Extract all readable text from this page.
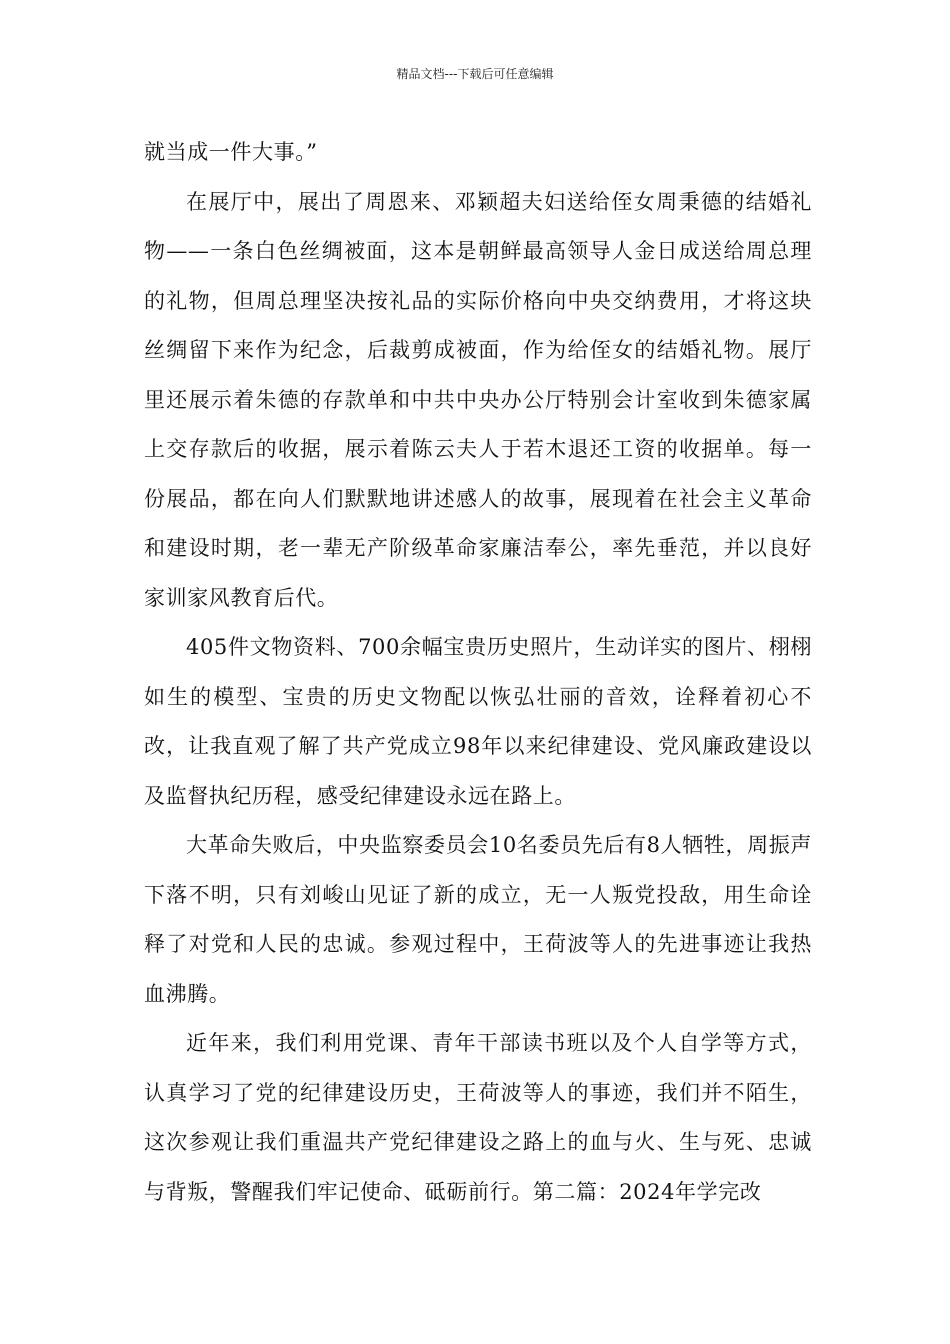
精品文档---下载后可任意编辑

就当成一件大事。”

在展厅中，展出了周恩来、邓颖超夫妇送给侄女周秉德的结婚礼物——一条白色丝绸被面，这本是朝鲜最高领导人金日成送给周总理的礼物，但周总理坚决按礼品的实际价格向中央交纳费用，才将这块丝绸留下来作为纪念，后裁剪成被面，作为给侄女的结婚礼物。展厅里还展示着朱德的存款单和中共中央办公厅特别会计室收到朱德家属上交存款后的收据，展示着陈云夫人于若木退还工资的收据单。每一份展品，都在向人们默默地讲述感人的故事，展现着在社会主义革命和建设时期，老一辈无产阶级革命家廉洁奉公，率先垂范，并以良好家训家风教育后代。

405件文物资料、700余幅宝贵历史照片，生动详实的图片、栩栩如生的模型、宝贵的历史文物配以恢弘壮丽的音效，诠释着初心不改，让我直观了解了共产党成立98年以来纪律建设、党风廉政建设以及监督执纪历程，感受纪律建设永远在路上。

大革命失败后，中央监察委员会10名委员先后有8人牺牲，周振声下落不明，只有刘峻山见证了新的成立，无一人叛党投敌，用生命诠释了对党和人民的忠诚。参观过程中，王荷波等人的先进事迹让我热血沸腾。

近年来，我们利用党课、青年干部读书班以及个人自学等方式，认真学习了党的纪律建设历史，王荷波等人的事迹，我们并不陌生，这次参观让我们重温共产党纪律建设之路上的血与火、生与死、忠诚与背叛，警醒我们牢记使命、砥砺前行。第二篇：2024年学完改
